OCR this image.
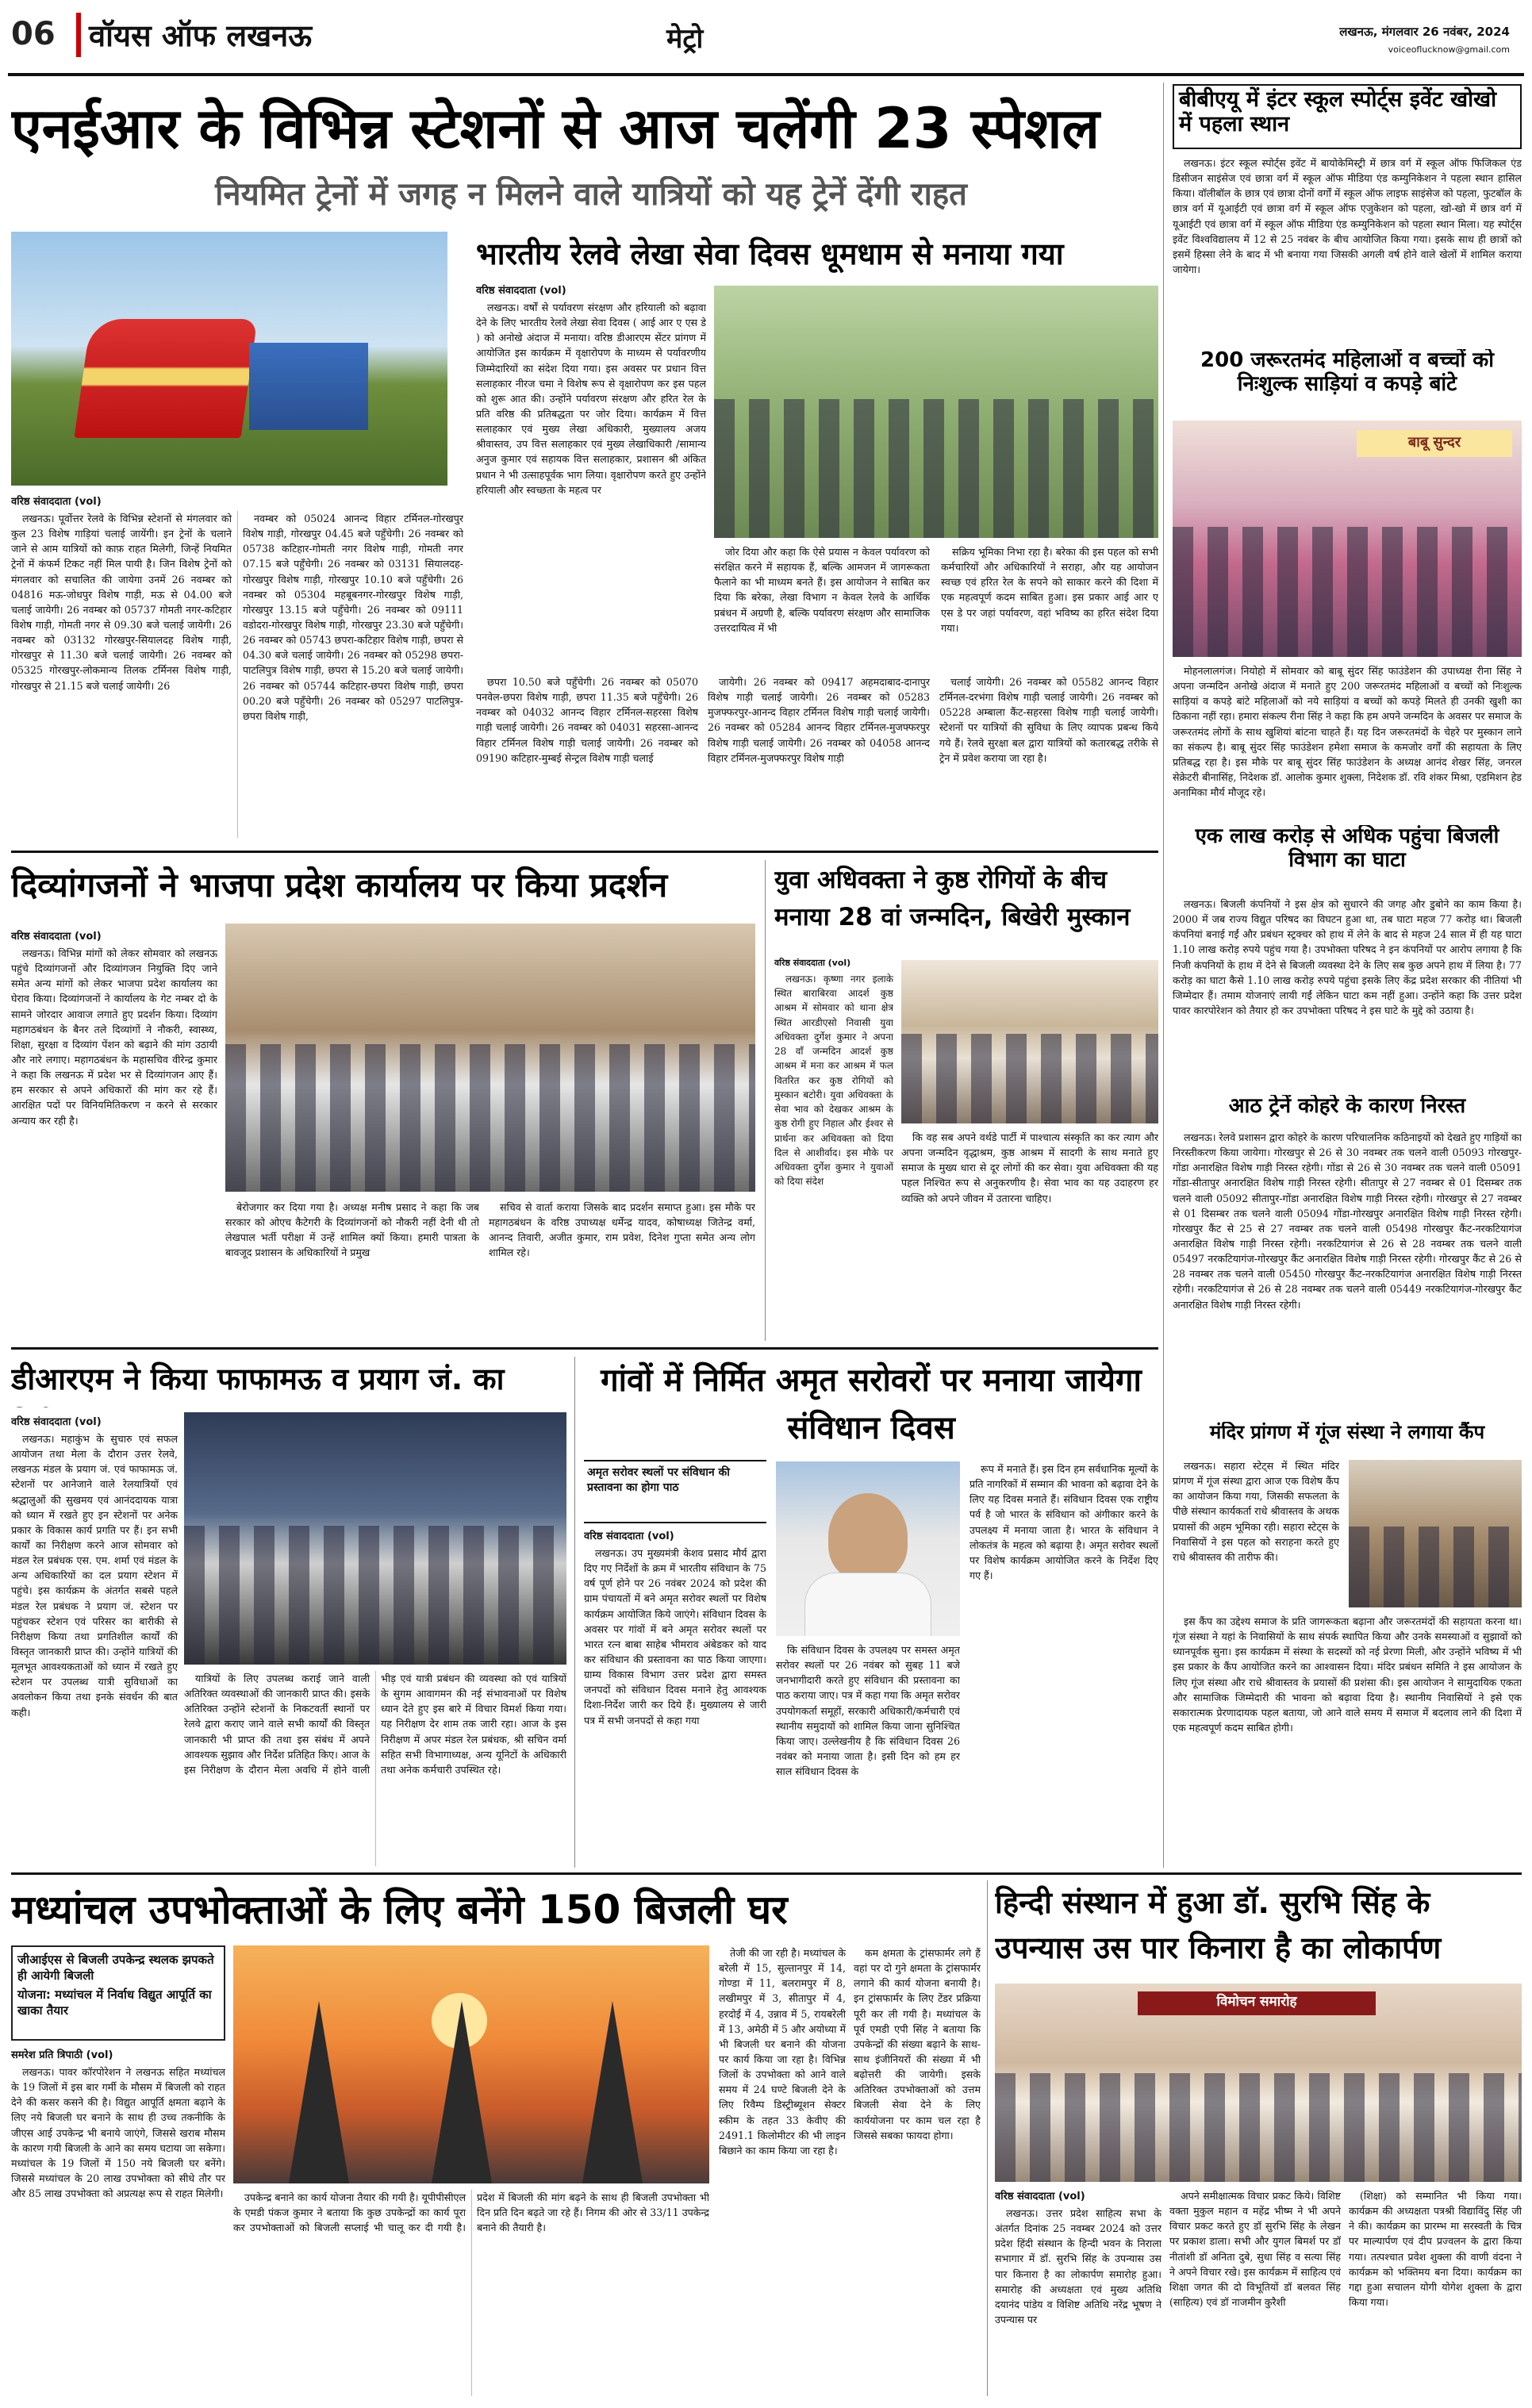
06 वॉयस ऑफ लखनऊ	मेट्रो	लखनऊ, मंगलवार 26 नवंबर, 2024
voiceoflucknow@gmail.com
एनईआर के विभिन्न स्टेशनों से आज चलेंगी 23 स्पेशल
नियमित ट्रेनों में जगह न मिलने वाले यात्रियों को यह ट्रेनें देंगी राहत
वरिष्ठ संवाददाता (vol)

लखनऊ। पूर्वोत्तर रेलवे के विभिन्न स्टेशनों से मंगलवार को कुल 23 विशेष गाड़ियां चलाई जायेंगी। इन ट्रेनों के चलाने जाने से आम यात्रियों को काफ़ राहत मिलेगी, जिन्हें नियमित ट्रेनों में कंफर्म टिकट नहीं मिल पायी है। जिन विशेष ट्रेनों को मंगलवार को सचालित की जायेगा उनमें 26 नवम्बर को 04816 मऊ-जोधपुर विशेष गाड़ी, मऊ से 04.00 बजे चलाई जायेगी। 26 नवम्बर को 05737 गोमती नगर-कटिहार विशेष गाड़ी, गोमती नगर से 09.30 बजे चलाई जायेगी। 26 नवम्बर को 03132 गोरखपुर-सियालदह विशेष गाड़ी, गोरखपुर से 11.30 बजे चलाई जायेगी। 26 नवम्बर को 05325 गोरखपुर-लोकमान्य तिलक टर्मिनस विशेष गाड़ी, गोरखपुर से 21.15 बजे चलाई जायेगी। 26

नवम्बर को 05024 आनन्द विहार टर्मिनल-गोरखपुर विशेष गाड़ी, गोरखपुर 04.45 बजे पहुँचेगी। 26 नवम्बर को 05738 कटिहार-गोमती नगर विशेष गाड़ी, गोमती नगर 07.15 बजे पहुँचेगी। 26 नवम्बर को 03131 सियालदह-गोरखपुर विशेष गाड़ी, गोरखपुर 10.10 बजे पहुँचेगी। 26 नवम्बर को 05304 महबूबनगर-गोरखपुर विशेष गाड़ी, गोरखपुर 13.15 बजे पहुँचेगी। 26 नवम्बर को 09111 वडोदरा-गोरखपुर विशेष गाड़ी, गोरखपुर 23.30 बजे पहुँचेगी। 26 नवम्बर को 05743 छपरा-कटिहार विशेष गाड़ी, छपरा से 04.30 बजे चलाई जायेगी। 26 नवम्बर को 05298 छपरा-पाटलिपुत्र विशेष गाड़ी, छपरा से 15.20 बजे चलाई जायेगी। 26 नवम्बर को 05744 कटिहार-छपरा विशेष गाड़ी, छपरा 00.20 बजे पहुँचेगी। 26 नवम्बर को 05297 पाटलिपुत्र-छपरा विशेष गाड़ी,

भारतीय रेलवे लेखा सेवा दिवस धूमधाम से मनाया गया
वरिष्ठ संवाददाता (vol)

लखनऊ। वर्षों से पर्यावरण संरक्षण और हरियाली को बढ़ावा देने के लिए भारतीय रेलवे लेखा सेवा दिवस ( आई आर ए एस डे ) को अनोखे अंदाज में मनाया। वरिष्ठ डीआरएम सेंटर प्रांगण में आयोजित इस कार्यक्रम में वृक्षारोपण के माध्यम से पर्यावरणीय जिम्मेदारियों का संदेश दिया गया। इस अवसर पर प्रधान वित्त सलाहकार नीरज चमा ने विशेष रूप से वृक्षारोपण कर इस पहल को शुरू आत की। उन्होंने पर्यावरण संरक्षण और हरित रेल के प्रति वरिष्ठ की प्रतिबद्धता पर जोर दिया। कार्यक्रम में वित्त सलाहकार एवं मुख्य लेखा अधिकारी, मुख्यालय अजय श्रीवास्तव, उप वित्त सलाहकार एवं मुख्य लेखाधिकारी /सामान्य अनुज कुमार एवं सहायक वित्त सलाहकार, प्रशासन श्री अंकित प्रधान ने भी उत्साहपूर्वक भाग लिया। वृक्षारोपण करते हुए उन्होंने हरियाली और स्वच्छता के महत्व पर

जोर दिया और कहा कि ऐसे प्रयास न केवल पर्यावरण को संरक्षित करने में सहायक हैं, बल्कि आमजन में जागरूकता फैलाने का भी माध्यम बनते हैं। इस आयोजन ने साबित कर दिया कि बरेका, लेखा विभाग न केवल रेलवे के आर्थिक प्रबंधन में अग्रणी है, बल्कि पर्यावरण संरक्षण और सामाजिक उत्तरदायित्व में भी

सक्रिय भूमिका निभा रहा है। बरेका की इस पहल को सभी कर्मचारियों और अधिकारियों ने सराहा, और यह आयोजन स्वच्छ एवं हरित रेल के सपने को साकार करने की दिशा में एक महत्वपूर्ण कदम साबित हुआ। इस प्रकार आई आर ए एस डे पर जहां पर्यावरण, वहां भविष्य का हरित संदेश दिया गया।

छपरा 10.50 बजे पहुँचेगी। 26 नवम्बर को 05070 पनवेल-छपरा विशेष गाड़ी, छपरा 11.35 बजे पहुँचेगी। 26 नवम्बर को 04032 आनन्द विहार टर्मिनल-सहरसा विशेष गाड़ी चलाई जायेगी। 26 नवम्बर को 04031 सहरसा-आनन्द विहार टर्मिनल विशेष गाड़ी चलाई जायेगी। 26 नवम्बर को 09190 कटिहार-मुम्बई सेन्ट्रल विशेष गाड़ी चलाई

जायेगी। 26 नवम्बर को 09417 अहमदाबाद-दानापुर विशेष गाड़ी चलाई जायेगी। 26 नवम्बर को 05283 मुजफ्फरपुर-आनन्द विहार टर्मिनल विशेष गाड़ी चलाई जायेगी। 26 नवम्बर को 05284 आनन्द विहार टर्मिनल-मुजफ्फरपुर विशेष गाड़ी चलाई जायेगी। 26 नवम्बर को 04058 आनन्द विहार टर्मिनल-मुजफ्फरपुर विशेष गाड़ी

चलाई जायेगी। 26 नवम्बर को 05582 आनन्द विहार टर्मिनल-दरभंगा विशेष गाड़ी चलाई जायेगी। 26 नवम्बर को 05228 अम्बाला कैंट-सहरसा विशेष गाड़ी चलाई जायेगी। स्टेशनों पर यात्रियों की सुविधा के लिए व्यापक प्रबन्ध किये गये हैं। रेलवे सुरक्षा बल द्वारा यात्रियों को कतारबद्ध तरीके से ट्रेन में प्रवेश कराया जा रहा है।

बीबीएयू में इंटर स्कूल स्पोर्ट्स इवेंट खोखो में पहला स्थान

लखनऊ। इंटर स्कूल स्पोर्ट्स इवेंट में बायोकेमिस्ट्री में छात्र वर्ग में स्कूल ऑफ फिजिकल एंड डिसीजन साइंसेज एवं छात्रा वर्ग में स्कूल ऑफ मीडिया एंड कम्युनिकेशन ने पहला स्थान हासिल किया। वॉलीबॉल के छात्र एवं छात्रा दोनों वर्गों में स्कूल ऑफ लाइफ साइंसेज को पहला, फुटबॉल के छात्र वर्ग में यूआईटी एवं छात्रा वर्ग में स्कूल ऑफ एजुकेशन को पहला, खो-खो में छात्र वर्ग में यूआईटी एवं छात्रा वर्ग में स्कूल ऑफ मीडिया एंड कम्युनिकेशन को पहला स्थान मिला। यह स्पोर्ट्स इवेंट विश्वविद्यालय में 12 से 25 नवंबर के बीच आयोजित किया गया। इसके साथ ही छात्रों को इसमें हिस्सा लेने के बाद में भी बनाया गया जिसकी अगली वर्ष होने वाले खेलों में शामिल कराया जायेगा।

200 जरूरतमंद महिलाओं व बच्चों को निःशुल्क साड़ियां व कपड़े बांटे
बाबू सुन्दर

मोहनलालगंज। नियोहो में सोमवार को बाबू सुंदर सिंह फाउंडेशन की उपाध्यक्ष रीना सिंह ने अपना जन्मदिन अनोखे अंदाज में मनाते हुए 200 जरूरतमंद महिलाओं व बच्चों को निःशुल्क साड़ियां व कपड़े बांटे महिलाओं को नये साड़ियां व बच्चों को कपड़े मिलते ही उनकी खुशी का ठिकाना नहीं रहा। हमारा संकल्प रीना सिंह ने कहा कि हम अपने जन्मदिन के अवसर पर समाज के जरूरतमंद लोगों के साथ खुशियां बांटना चाहते हैं। यह दिन जरूरतमंदों के चेहरे पर मुस्कान लाने का संकल्प है। बाबू सुंदर सिंह फाउंडेशन हमेशा समाज के कमजोर वर्गों की सहायता के लिए प्रतिबद्ध रहा है। इस मौके पर बाबू सुंदर सिंह फाउंडेशन के अध्यक्ष आनंद शेखर सिंह, जनरल सेक्रेटरी बीनासिंह, निदेशक डॉ. आलोक कुमार शुक्ला, निदेशक डॉ. रवि शंकर मिश्रा, एडमिशन हेड अनामिका मौर्य मौजूद रहे।

एक लाख करोड़ से अधिक पहुंचा बिजली विभाग का घाटा

लखनऊ। बिजली कंपनियों ने इस क्षेत्र को सुधारने की जगह और डुबोने का काम किया है। 2000 में जब राज्य विद्युत परिषद का विघटन हुआ था, तब घाटा महज 77 करोड़ था। बिजली कंपनियां बनाई गईं और प्रबंधन स्ट्रक्चर को हाथ में लेने के बाद से महज 24 साल में ही यह घाटा 1.10 लाख करोड़ रुपये पहुंच गया है। उपभोक्ता परिषद ने इन कंपनियों पर आरोप लगाया है कि निजी कंपनियों के हाथ में देने से बिजली व्यवस्था देने के लिए सब कुछ अपने हाथ में लिया है। 77 करोड़ का घाटा कैसे 1.10 लाख करोड़ रुपये पहुंचा इसके लिए केंद्र प्रदेश सरकार की नीतियां भी जिम्मेदार हैं। तमाम योजनाएं लायी गईं लेकिन घाटा कम नहीं हुआ। उन्होंने कहा कि उत्तर प्रदेश पावर कारपोरेशन को तैयार हो कर उपभोक्ता परिषद ने इस घाटे के मुद्दे को उठाया है।

आठ ट्रेनें कोहरे के कारण निरस्त

लखनऊ। रेलवे प्रशासन द्वारा कोहरे के कारण परिचालनिक कठिनाइयों को देखते हुए गाड़ियों का निरस्तीकरण किया जायेगा। गोरखपुर से 26 से 30 नवम्बर तक चलने वाली 05093 गोरखपुर-गोंडा अनारक्षित विशेष गाड़ी निरस्त रहेगी। गोंडा से 26 से 30 नवम्बर तक चलने वाली 05091 गोंडा-सीतापुर अनारक्षित विशेष गाड़ी निरस्त रहेगी। सीतापुर से 27 नवम्बर से 01 दिसम्बर तक चलने वाली 05092 सीतापुर-गोंडा अनारक्षित विशेष गाड़ी निरस्त रहेगी। गोरखपुर से 27 नवम्बर से 01 दिसम्बर तक चलने वाली 05094 गोंडा-गोरखपुर अनारक्षित विशेष गाड़ी निरस्त रहेगी। गोरखपुर कैंट से 25 से 27 नवम्बर तक चलने वाली 05498 गोरखपुर कैंट-नरकटियागंज अनारक्षित विशेष गाड़ी निरस्त रहेगी। नरकटियागंज से 26 से 28 नवम्बर तक चलने वाली 05497 नरकटियागंज-गोरखपुर कैंट अनारक्षित विशेष गाड़ी निरस्त रहेगी। गोरखपुर कैंट से 26 से 28 नवम्बर तक चलने वाली 05450 गोरखपुर कैंट-नरकटियागंज अनारक्षित विशेष गाड़ी निरस्त रहेगी। नरकटियागंज से 26 से 28 नवम्बर तक चलने वाली 05449 नरकटियागंज-गोरखपुर कैंट अनारक्षित विशेष गाड़ी निरस्त रहेगी।

मंदिर प्रांगण में गूंज संस्था ने लगाया कैंप

लखनऊ। सहारा स्टेट्स में स्थित मंदिर प्रांगण में गूंज संस्था द्वारा आज एक विशेष कैंप का आयोजन किया गया, जिसकी सफलता के पीछे संस्थान कार्यकर्ता राधे श्रीवास्तव के अथक प्रयासों की अहम भूमिका रही। सहारा स्टेट्स के निवासियों ने इस पहल को सराहना करते हुए राधे श्रीवास्तव की तारीफ की।

इस कैंप का उद्देश्य समाज के प्रति जागरूकता बढ़ाना और जरूरतमंदों की सहायता करना था। गूंज संस्था ने यहां के निवासियों के साथ संपर्क स्थापित किया और उनके समस्याओं व सुझावों को ध्यानपूर्वक सुना। इस कार्यक्रम में संस्था के सदस्यों को नई प्रेरणा मिली, और उन्होंने भविष्य में भी इस प्रकार के कैंप आयोजित करने का आश्वासन दिया। मंदिर प्रबंधन समिति ने इस आयोजन के लिए गूंज संस्था और राधे श्रीवास्तव के प्रयासों की प्रशंसा की। इस आयोजन ने सामुदायिक एकता और सामाजिक जिम्मेदारी की भावना को बढ़ावा दिया है। स्थानीय निवासियों ने इसे एक सकारात्मक प्रेरणादायक पहल बताया, जो आने वाले समय में समाज में बदलाव लाने की दिशा में एक महत्वपूर्ण कदम साबित होगी।

दिव्यांगजनों ने भाजपा प्रदेश कार्यालय पर किया प्रदर्शन
वरिष्ठ संवाददाता (vol)

लखनऊ। विभिन्न मांगों को लेकर सोमवार को लखनऊ पहुंचे दिव्यांगजनों और दिव्यांगजन नियुक्ति दिए जाने समेत अन्य मांगों को लेकर भाजपा प्रदेश कार्यालय का घेराव किया। दिव्यांगजनों ने कार्यालय के गेट नम्बर दो के सामने जोरदार आवाज लगाते हुए प्रदर्शन किया। दिव्यांग महागठबंधन के बैनर तले दिव्यांगों ने नौकरी, स्वास्थ्य, शिक्षा, सुरक्षा व दिव्यांग पेंशन को बढ़ाने की मांग उठायी और नारे लगाए। महागठबंधन के महासचिव वीरेन्द्र कुमार ने कहा कि लखनऊ में प्रदेश भर से दिव्यांगजन आए हैं। हम सरकार से अपने अधिकारों की मांग कर रहे हैं। आरक्षित पदों पर विनियमितिकरण न करने से सरकार अन्याय कर रही है।

बेरोजगार कर दिया गया है। अध्यक्ष मनीष प्रसाद ने कहा कि जब सरकार को ओएच कैटेगरी के दिव्यांगजनों को नौकरी नहीं देनी थी तो लेखपाल भर्ती परीक्षा में उन्हें शामिल क्यों किया। हमारी पात्रता के बावजूद प्रशासन के अधिकारियों ने प्रमुख

सचिव से वार्ता कराया जिसके बाद प्रदर्शन समाप्त हुआ। इस मौके पर महागठबंधन के वरिष्ठ उपाध्यक्ष धर्मेन्द्र यादव, कोषाध्यक्ष जितेन्द्र वर्मा, आनन्द तिवारी, अजीत कुमार, राम प्रवेश, दिनेश गुप्ता समेत अन्य लोग शामिल रहे।

युवा अधिवक्ता ने कुष्ठ रोगियों के बीच मनाया 28 वां जन्मदिन, बिखेरी मुस्कान
वरिष्ठ संवाददाता (vol)

लखनऊ। कृष्णा नगर इलाके स्थित बाराबिरवा आदर्श कुष्ठ आश्रम में सोमवार को थाना क्षेत्र स्थित आरडीएसो निवासी युवा अधिवक्ता दुर्गेश कुमार ने अपना 28 वाँ जन्मदिन आदर्श कुष्ठ आश्रम में मना कर आश्रम में फल वितरित कर कुष्ठ रोगियों को मुस्कान बटोरी। युवा अधिवक्ता के सेवा भाव को देखकर आश्रम के कुष्ठ रोगी हुए निहाल और ईश्वर से प्रार्थना कर अधिवक्ता को दिया दिल से आशीर्वाद। इस मौके पर अधिवक्ता दुर्गेश कुमार ने युवाओं को दिया संदेश

कि वह सब अपने वर्थडे पार्टी में पाश्चात्य संस्कृति का कर त्याग और अपना जन्मदिन वृद्धाश्रम, कुष्ठ आश्रम में सादगी के साथ मनाते हुए समाज के मुख्य धारा से दूर लोगों की कर सेवा। युवा अधिवक्ता की यह पहल निश्चित रूप से अनुकरणीय है। सेवा भाव का यह उदाहरण हर व्यक्ति को अपने जीवन में उतारना चाहिए।

डीआरएम ने किया फाफामऊ व प्रयाग जं. का
वरिष्ठ संवाददाता (vol)

लखनऊ। महाकुंभ के सुचारु एवं सफल आयोजन तथा मेला के दौरान उत्तर रेलवे, लखनऊ मंडल के प्रयाग जं. एवं फाफामऊ जं. स्टेशनों पर आनेजाने वाले रेलयात्रियों एवं श्रद्धालुओं की सुखमय एवं आनंददायक यात्रा को ध्यान में रखते हुए इन स्टेशनों पर अनेक प्रकार के विकास कार्य प्रगति पर हैं। इन सभी कार्यों का निरीक्षण करने आज सोमवार को मंडल रेल प्रबंधक एस. एम. शर्मा एवं मंडल के अन्य अधिकारियों का दल प्रयाग स्टेशन में पहुंचे। इस कार्यक्रम के अंतर्गत सबसे पहले मंडल रेल प्रबंधक ने प्रयाग जं. स्टेशन पर पहुंचकर स्टेशन एवं परिसर का बारीकी से निरीक्षण किया तथा प्रगतिशील कार्यों की विस्तृत जानकारी प्राप्त की। उन्होंने यात्रियों की मूलभूत आवश्यकताओं को ध्यान में रखते हुए स्टेशन पर उपलब्ध यात्री सुविधाओं का अवलोकन किया तथा इनके संवर्धन की बात कही।

यात्रियों के लिए उपलब्ध कराई जाने वाली अतिरिक्त व्यवस्थाओं की जानकारी प्राप्त की। इसके अतिरिक्त उन्होंने स्टेशनों के निकटवर्ती स्थानों पर रेलवे द्वारा कराए जाने वाले सभी कार्यों की विस्तृत जानकारी भी प्राप्त की तथा इस संबंध में अपने आवश्यक सुझाव और निर्देश प्रतिहित किए। आज के इस निरीक्षण के दौरान मेला अवधि में होने वाली भीड़ एवं यात्री प्रबंधन की व्यवस्था को एवं यात्रियों के सुगम आवागमन की नई संभावनाओं पर विशेष ध्यान देते हुए इस बारे में विचार विमर्श किया गया। यह निरीक्षण देर शाम तक जारी रहा। आज के इस निरीक्षण में अपर मंडल रेल प्रबंधक, श्री सचिन वर्मा सहित सभी विभागाध्यक्ष, अन्य यूनिटों के अधिकारी तथा अनेक कर्मचारी उपस्थित रहे।

गांवों में निर्मित अमृत सरोवरों पर मनाया जायेगा संविधान दिवस
अमृत सरोवर स्थलों पर संविधान की प्रस्तावना का होगा पाठ
वरिष्ठ संवाददाता (vol)

लखनऊ। उप मुख्यमंत्री केशव प्रसाद मौर्य द्वारा दिए गए निर्देशों के क्रम में भारतीय संविधान के 75 वर्ष पूर्ण होने पर 26 नवंबर 2024 को प्रदेश की ग्राम पंचायतों में बने अमृत सरोवर स्थलों पर विशेष कार्यक्रम आयोजित किये जाएंगे। संविधान दिवस के अवसर पर गांवों में बने अमृत सरोवर स्थलों पर भारत रत्न बाबा साहेब भीमराव अंबेडकर को याद कर संविधान की प्रस्तावना का पाठ किया जाएगा। ग्राम्य विकास विभाग उत्तर प्रदेश द्वारा समस्त जनपदों को संविधान दिवस मनाने हेतु आवश्यक दिशा-निर्देश जारी कर दिये हैं। मुख्यालय से जारी पत्र में सभी जनपदों से कहा गया

कि संविधान दिवस के उपलक्ष्य पर समस्त अमृत सरोवर स्थलों पर 26 नवंबर को सुबह 11 बजे जनभागीदारी करते हुए संविधान की प्रस्तावना का पाठ कराया जाए। पत्र में कहा गया कि अमृत सरोवर उपयोगकर्ता समूहों, सरकारी अधिकारी/कर्मचारी एवं स्थानीय समुदायों को शामिल किया जाना सुनिश्चित किया जाए। उल्लेखनीय है कि संविधान दिवस 26 नवंबर को मनाया जाता है। इसी दिन को हम हर साल संविधान दिवस के

रूप में मनाते हैं। इस दिन हम सर्वधानिक मूल्यों के प्रति नागरिकों में सम्मान की भावना को बढ़ावा देने के लिए यह दिवस मनाते हैं। संविधान दिवस एक राष्ट्रीय पर्व है जो भारत के संविधान को अंगीकार करने के उपलक्ष्य में मनाया जाता है। भारत के संविधान ने लोकतंत्र के महत्व को बढ़ाया है। अमृत सरोवर स्थलों पर विशेष कार्यक्रम आयोजित करने के निर्देश दिए गए हैं।

मध्यांचल उपभोक्ताओं के लिए बनेंगे 150 बिजली घर
जीआईएस से बिजली उपकेन्द्र स्थलक झपकते ही आयेगी बिजली
योजना: मध्यांचल में निर्वाध विद्युत आपूर्ति का खाका तैयार
समरेश प्रति त्रिपाठी (vol)

लखनऊ। पावर कॉरपोरेशन ने लखनऊ सहित मध्यांचल के 19 जिलों में इस बार गर्मी के मौसम में बिजली को राहत देने की कसर कसने की है। विद्युत आपूर्ति क्षमता बढ़ाने के लिए नये बिजली घर बनाने के साथ ही उच्च तकनीकि के जीएस आई उपकेन्द्र भी बनाये जाएंगे, जिससे खराब मौसम के कारण गयी बिजली के आने का समय घटाया जा सकेगा। मध्यांचल के 19 जिलों में 150 नये बिजली घर बनेंगे। जिससे मध्यांचल के 20 लाख उपभोक्ता को सीधे तौर पर और 85 लाख उपभोक्ता को अप्रत्यक्ष रूप से राहत मिलेगी।	उपकेन्द्र बनाने का कार्य योजना तैयार की गयी है। यूपीपीसीएल के एमडी पंकज कुमार ने बताया कि कुछ उपकेन्द्रों का कार्य पूरा कर उपभोक्ताओं को बिजली सप्लाई भी चालू कर दी गयी है। प्रदेश में बिजली की मांग बढ़ने के साथ ही बिजली उपभोक्ता भी दिन प्रति दिन बढ़ते जा रहे हैं। निगम की ओर से 33/11 उपकेन्द्र बनाने की तैयारी है।

तेजी की जा रही है। मध्यांचल के बरेली में 15, सुल्तानपुर में 14, गोण्डा में 11, बलरामपुर में 8, लखीमपुर में 3, सीतापुर में 4, हरदोई में 4, उन्नाव में 5, रायबरेली में 13, अमेठी में 5 और अयोध्या में भी बिजली घर बनाने की योजना पर कार्य किया जा रहा है। विभिन्न जिलों के उपभोक्ता को आने वाले समय में 24 घण्टे बिजली देने के लिए रिवैम्प डिस्ट्रीब्यूशन सेक्टर स्कीम के तहत 33 केवीए की 2491.1 किलोमीटर की भी लाइन बिछाने का काम किया जा रहा है।

कम क्षमता के ट्रांसफार्मर लगे हैं वहां पर दो गुने क्षमता के ट्रांसफार्मर लगाने की कार्य योजना बनायी है। इन ट्रांसफार्मर के लिए टेंडर प्रक्रिया पूरी कर ली गयी है। मध्यांचल के पूर्व एमडी एपी सिंह ने बताया कि उपकेन्द्रों की संख्या बढ़ाने के साथ-साथ इंजीनियरों की संख्या में भी बढ़ोत्तरी की जायेगी। इसके अतिरिक्त उपभोक्ताओं को उत्तम बिजली सेवा देने के लिए कार्ययोजना पर काम चल रहा है जिससे सबका फायदा होगा।

हिन्दी संस्थान में हुआ डॉ. सुरभि सिंह के उपन्यास उस पार किनारा है का लोकार्पण
विमोचन समारोह
वरिष्ठ संवाददाता (vol)

लखनऊ। उत्तर प्रदेश साहित्य सभा के अंतर्गत दिनांक 25 नवम्बर 2024 को उत्तर प्रदेश हिंदी संस्थान के हिन्दी भवन के निराला सभागार में डॉ. सुरभि सिंह के उपन्यास उस पार किनारा है का लोकार्पण समारोह हुआ। समारोह की अध्यक्षता एवं मुख्य अतिथि दयानंद पांडेय व विशिष्ट अतिथि नरेंद्र भूषण ने उपन्यास पर

अपने समीक्षात्मक विचार प्रकट किये। विशिष्ट वक्ता मुकुल महान व महेंद्र भीष्म ने भी अपने विचार प्रकट करते हुए डॉ सुरभि सिंह के लेखन पर प्रकाश डाला। सभी और युगल बिमर्श पर डॉ नीतांशी डॉ अनिता दुबे, सुधा सिंह व सत्या सिंह ने अपने विचार रखे। इस कार्यक्रम में साहित्य एवं शिक्षा जगत की दो विभूतियों डॉ बलवत सिंह (साहित्य) एवं डॉ नाजमीन कुरैशी

(शिक्षा) को सम्मानित भी किया गया। कार्यक्रम की अध्यक्षता पत्रश्री विद्याविंदु सिंह जी ने की। कार्यक्रम का प्रारम्भ मा सरस्वती के चित्र पर माल्यार्पण एवं दीप प्रज्वलन के द्वारा किया गया। तत्पश्चात प्रवेश शुक्ला की वाणी वंदना ने कार्यक्रम को भक्तिमय बना दिया। कार्यक्रम का गद्दा हुआ सचालन योगी योगेश शुक्ला के द्वारा किया गया।
